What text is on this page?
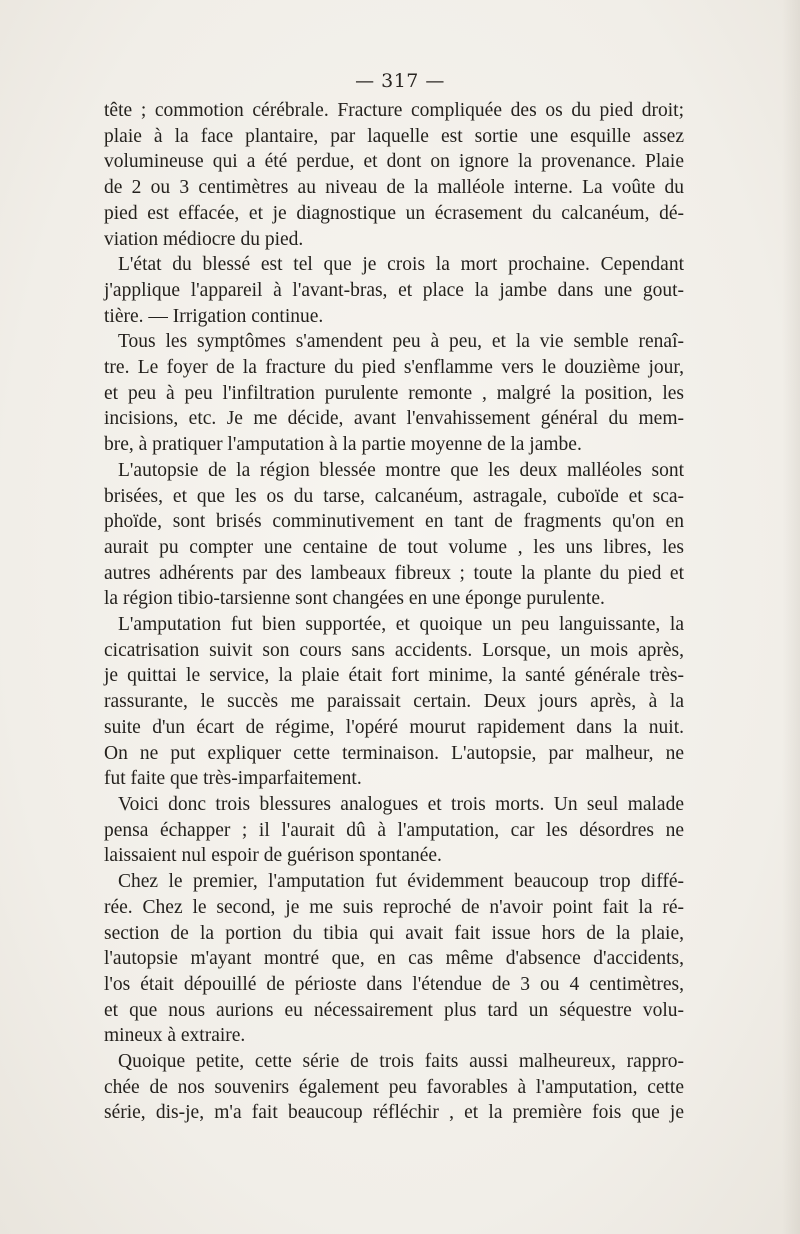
— 317 —

tête ; commotion cérébrale. Fracture compliquée des os du pied droit;

plaie à la face plantaire, par laquelle est sortie une esquille assez

volumineuse qui a été perdue, et dont on ignore la provenance. Plaie

de 2 ou 3 centimètres au niveau de la malléole interne. La voûte du

pied est effacée, et je diagnostique un écrasement du calcanéum, dé-

viation médiocre du pied.

L'état du blessé est tel que je crois la mort prochaine. Cependant

j'applique l'appareil à l'avant-bras, et place la jambe dans une gout-

tière. — Irrigation continue.

Tous les symptômes s'amendent peu à peu, et la vie semble renaî-

tre. Le foyer de la fracture du pied s'enflamme vers le douzième jour,

et peu à peu l'infiltration purulente remonte , malgré la position, les

incisions, etc. Je me décide, avant l'envahissement général du mem-

bre, à pratiquer l'amputation à la partie moyenne de la jambe.

L'autopsie de la région blessée montre que les deux malléoles sont

brisées, et que les os du tarse, calcanéum, astragale, cuboïde et sca-

phoïde, sont brisés comminutivement en tant de fragments qu'on en

aurait pu compter une centaine de tout volume , les uns libres, les

autres adhérents par des lambeaux fibreux ; toute la plante du pied et

la région tibio-tarsienne sont changées en une éponge purulente.

L'amputation fut bien supportée, et quoique un peu languissante, la

cicatrisation suivit son cours sans accidents. Lorsque, un mois après,

je quittai le service, la plaie était fort minime, la santé générale très-

rassurante, le succès me paraissait certain. Deux jours après, à la

suite d'un écart de régime, l'opéré mourut rapidement dans la nuit.

On ne put expliquer cette terminaison. L'autopsie, par malheur, ne

fut faite que très-imparfaitement.

Voici donc trois blessures analogues et trois morts. Un seul malade

pensa échapper ; il l'aurait dû à l'amputation, car les désordres ne

laissaient nul espoir de guérison spontanée.

Chez le premier, l'amputation fut évidemment beaucoup trop diffé-

rée. Chez le second, je me suis reproché de n'avoir point fait la ré-

section de la portion du tibia qui avait fait issue hors de la plaie,

l'autopsie m'ayant montré que, en cas même d'absence d'accidents,

l'os était dépouillé de périoste dans l'étendue de 3 ou 4 centimètres,

et que nous aurions eu nécessairement plus tard un séquestre volu-

mineux à extraire.

Quoique petite, cette série de trois faits aussi malheureux, rappro-

chée de nos souvenirs également peu favorables à l'amputation, cette

série, dis-je, m'a fait beaucoup réfléchir , et la première fois que je
